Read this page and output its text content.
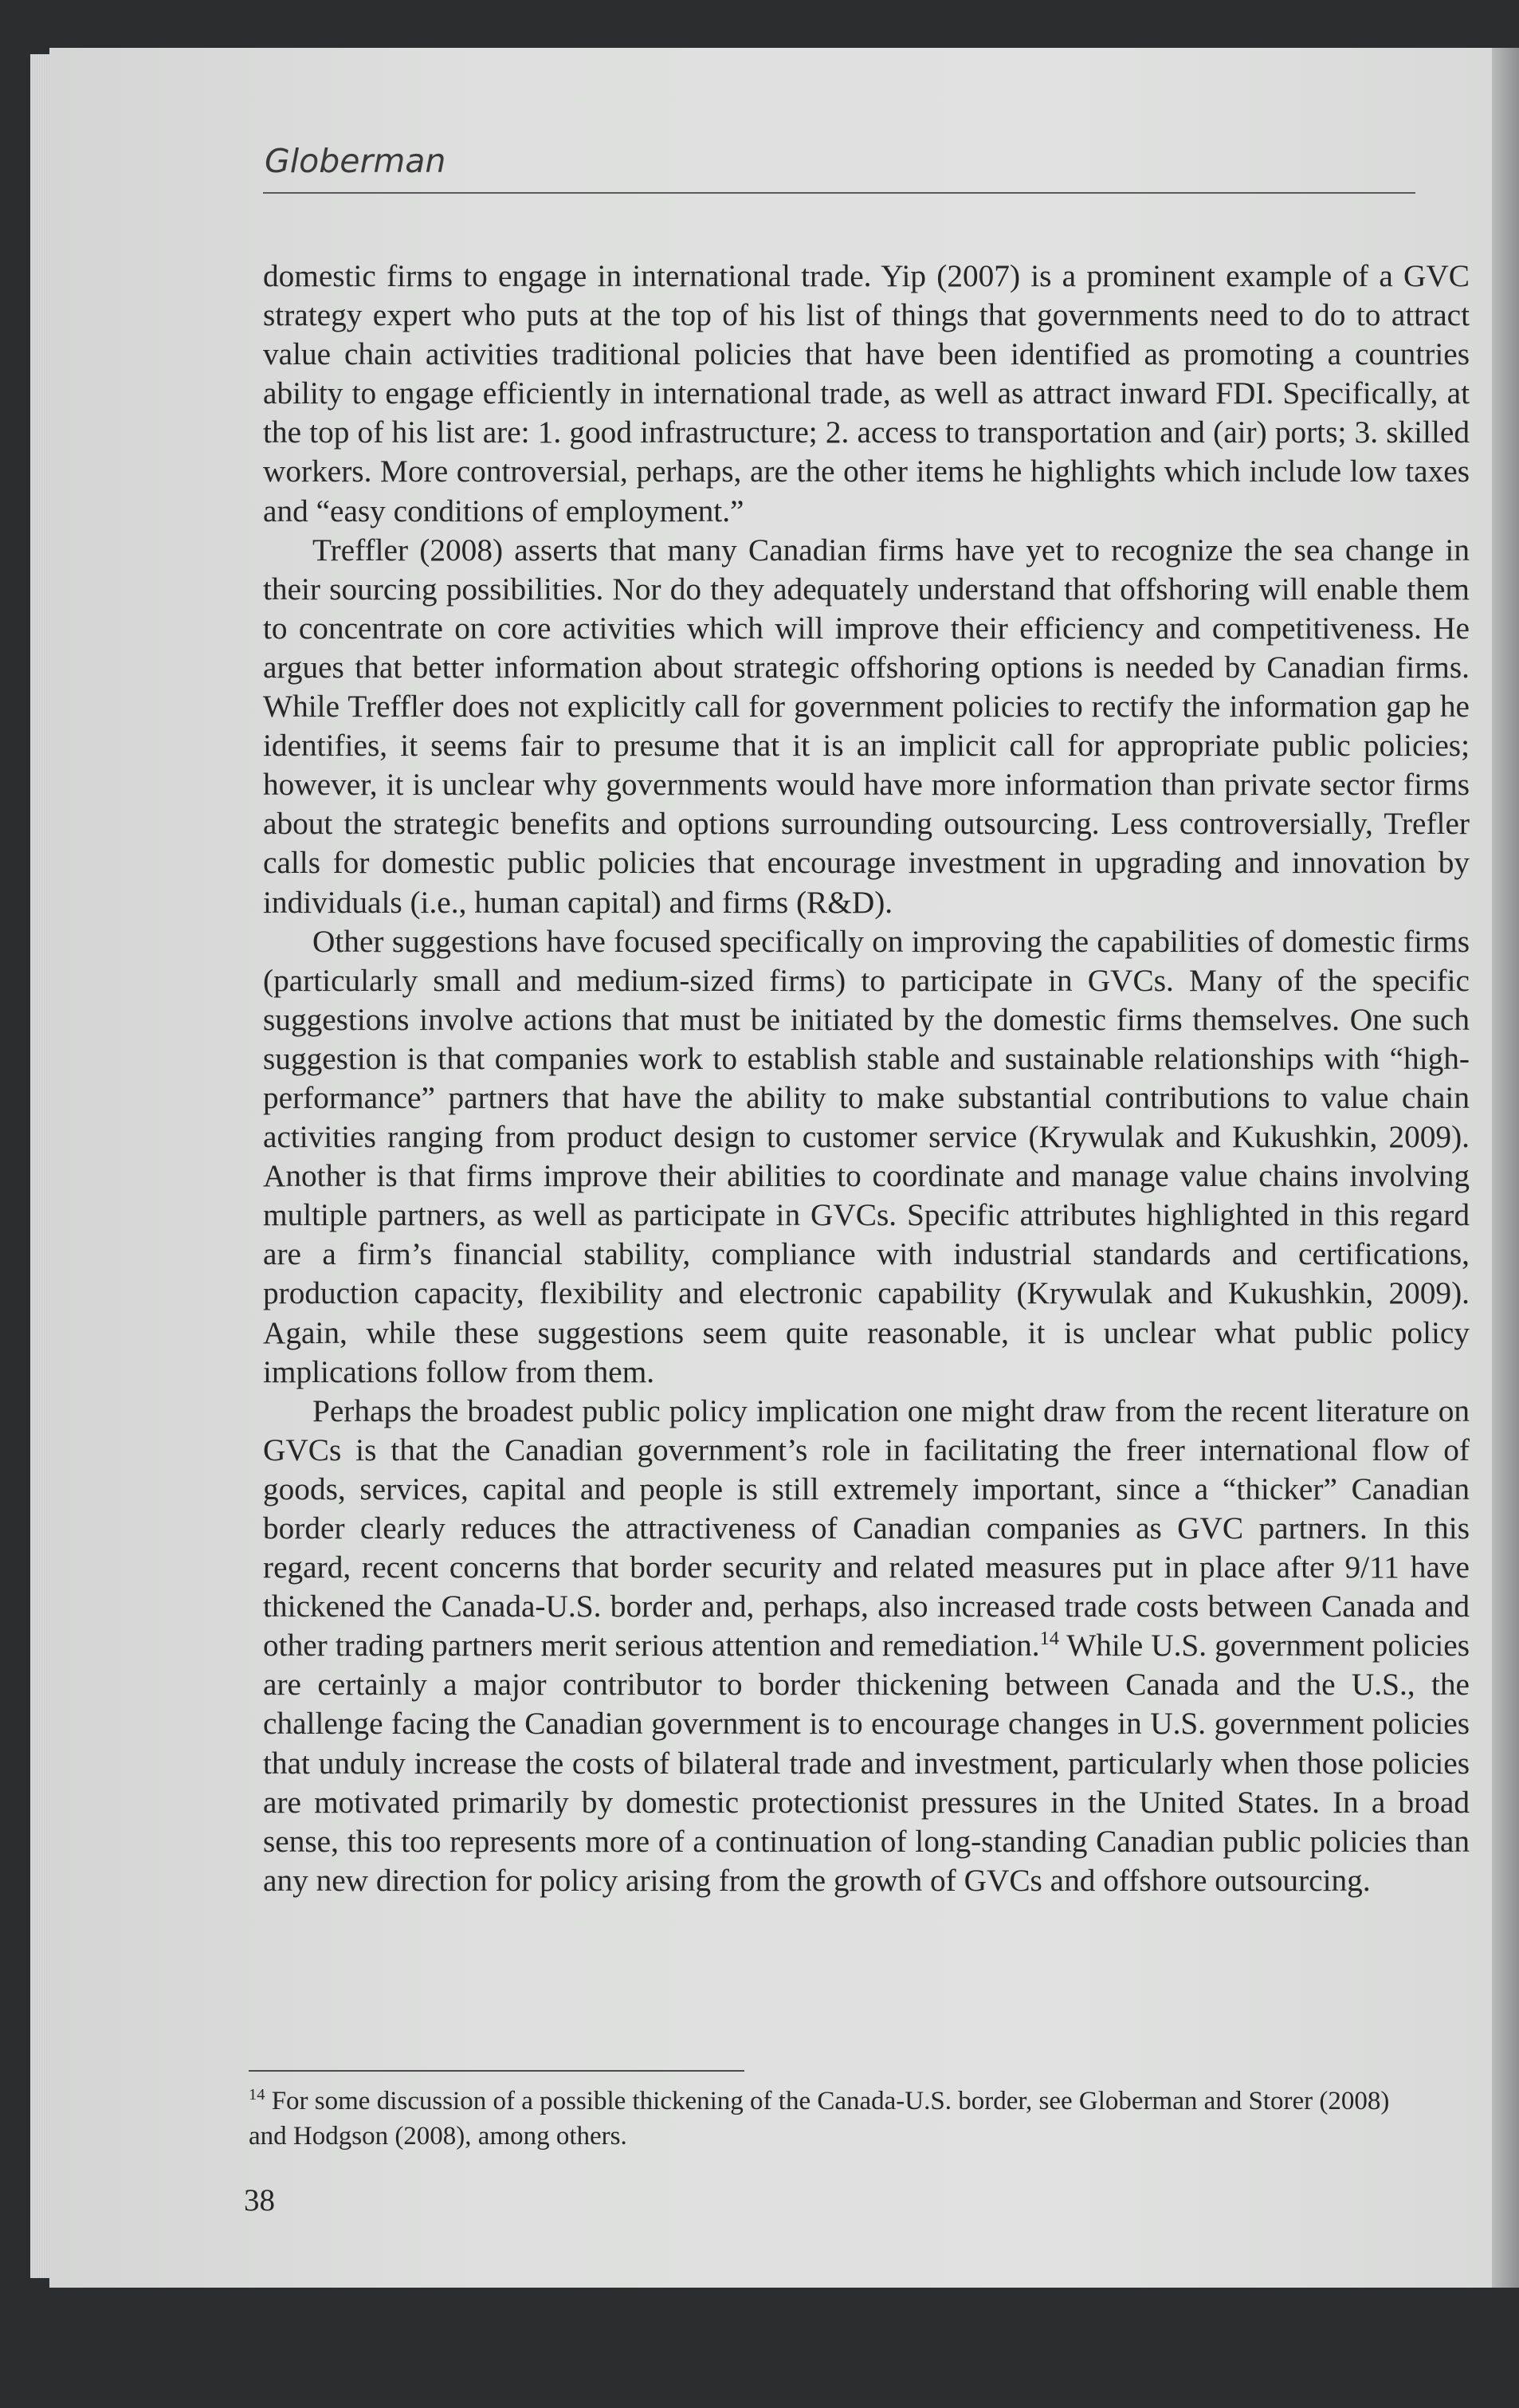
Globerman

domestic firms to engage in international trade. Yip (2007) is a prominent example of a GVC strategy expert who puts at the top of his list of things that governments need to do to attract value chain activities traditional policies that have been identified as promoting a countries ability to engage efficiently in international trade, as well as attract inward FDI. Specifically, at the top of his list are: 1. good infrastructure; 2. access to transportation and (air) ports; 3. skilled workers. More controversial, perhaps, are the other items he highlights which include low taxes and “easy conditions of employment.”

Treffler (2008) asserts that many Canadian firms have yet to recognize the sea change in their sourcing possibilities. Nor do they adequately understand that offshoring will enable them to concentrate on core activities which will improve their efficiency and competitiveness. He argues that better information about strategic offshoring options is needed by Canadian firms. While Treffler does not explicitly call for government policies to rectify the information gap he identifies, it seems fair to presume that it is an implicit call for appropriate public policies; however, it is unclear why governments would have more information than private sector firms about the strategic benefits and options surrounding outsourcing. Less controversially, Trefler calls for domestic public policies that encourage investment in upgrading and innovation by individuals (i.e., human capital) and firms (R&D).

Other suggestions have focused specifically on improving the capabilities of domestic firms (particularly small and medium-sized firms) to participate in GVCs. Many of the specific suggestions involve actions that must be initiated by the domestic firms themselves. One such suggestion is that companies work to establish stable and sustainable relationships with “high-performance” partners that have the ability to make substantial contributions to value chain activities ranging from product design to customer service (Krywulak and Kukushkin, 2009). Another is that firms improve their abilities to coordinate and manage value chains involving multiple partners, as well as participate in GVCs. Specific attributes highlighted in this regard are a firm’s financial stability, compliance with industrial standards and certifications, production capacity, flexibility and electronic capability (Krywulak and Kukushkin, 2009). Again, while these suggestions seem quite reasonable, it is unclear what public policy implications follow from them.

Perhaps the broadest public policy implication one might draw from the recent literature on GVCs is that the Canadian government’s role in facilitating the freer international flow of goods, services, capital and people is still extremely important, since a “thicker” Canadian border clearly reduces the attractiveness of Canadian companies as GVC partners. In this regard, recent concerns that border security and related measures put in place after 9/11 have thickened the Canada-U.S. border and, perhaps, also increased trade costs between Canada and other trading partners merit serious attention and remediation.$^{14}$ While U.S. government policies are certainly a major contributor to border thickening between Canada and the U.S., the challenge facing the Canadian government is to encourage changes in U.S. government policies that unduly increase the costs of bilateral trade and investment, particularly when those policies are motivated primarily by domestic protectionist pressures in the United States. In a broad sense, this too represents more of a continuation of long-standing Canadian public policies than any new direction for policy arising from the growth of GVCs and offshore outsourcing.

$^{14}$ For some discussion of a possible thickening of the Canada-U.S. border, see Globerman and Storer (2008) and Hodgson (2008), among others.
38
